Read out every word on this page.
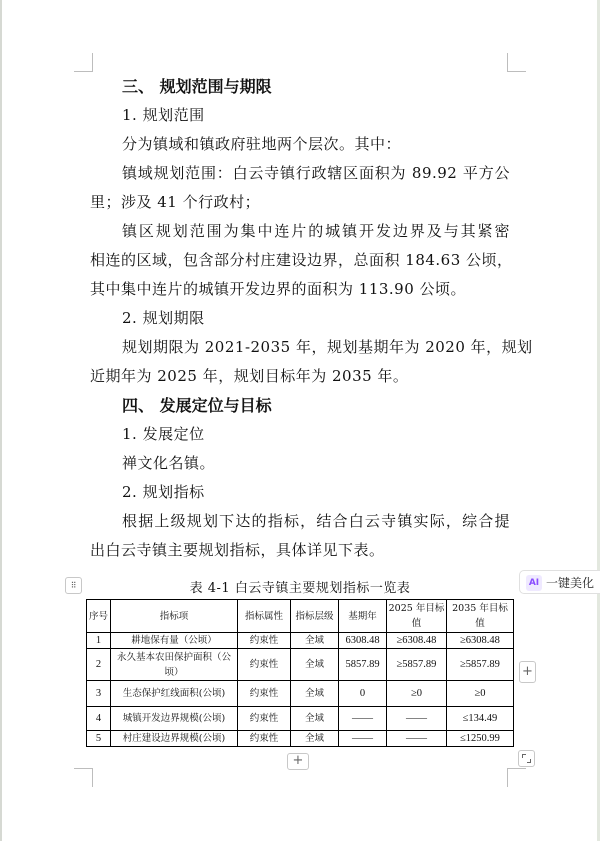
三、 规划范围与期限
1. 规划范围
分为镇域和镇政府驻地两个层次。其中：
镇域规划范围：白云寺镇行政辖区面积为 89.92 平方公
里；涉及 41 个行政村；
镇区规划范围为集中连片的城镇开发边界及与其紧密
相连的区域，包含部分村庄建设边界，总面积 184.63 公顷，
其中集中连片的城镇开发边界的面积为 113.90 公顷。
2. 规划期限
规划期限为 2021-2035 年，规划基期年为 2020 年，规划
近期年为 2025 年，规划目标年为 2035 年。
四、 发展定位与目标
1. 发展定位
禅文化名镇。
2. 规划指标
根据上级规划下达的指标，结合白云寺镇实际，综合提
出白云寺镇主要规划指标，具体详见下表。
⠿	表 4-1 白云寺镇主要规划指标一览表
序号	指标项	指标属性	指标层级	基期年	2025 年目标值	2035 年目标值
1	耕地保有量（公顷）	约束性	全域	6308.48	≥6308.48	≥6308.48
2	永久基本农田保护面积（公顷）	约束性	全域	5857.89	≥5857.89	≥5857.89
3	生态保护红线面积(公顷)	约束性	全域	0	≥0	≥0
4	城镇开发边界规模(公顷)	约束性	全域	——	——	≤134.49
5	村庄建设边界规模(公顷)	约束性	全域	——	——	≤1250.99
AI 一键美化
+
+
